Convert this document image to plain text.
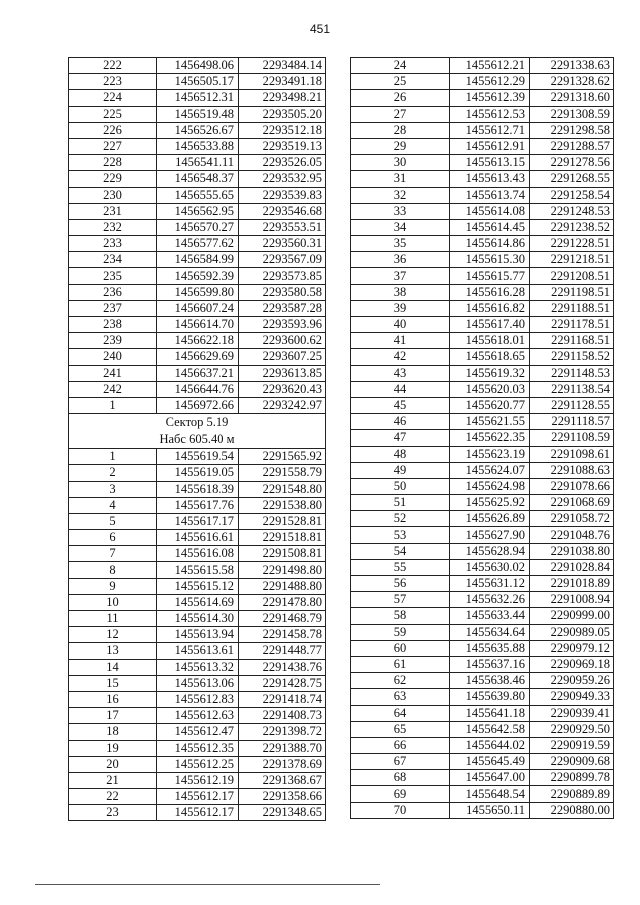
451
222	1456498.06	2293484.14
223	1456505.17	2293491.18
224	1456512.31	2293498.21
225	1456519.48	2293505.20
226	1456526.67	2293512.18
227	1456533.88	2293519.13
228	1456541.11	2293526.05
229	1456548.37	2293532.95
230	1456555.65	2293539.83
231	1456562.95	2293546.68
232	1456570.27	2293553.51
233	1456577.62	2293560.31
234	1456584.99	2293567.09
235	1456592.39	2293573.85
236	1456599.80	2293580.58
237	1456607.24	2293587.28
238	1456614.70	2293593.96
239	1456622.18	2293600.62
240	1456629.69	2293607.25
241	1456637.21	2293613.85
242	1456644.76	2293620.43
1	1456972.66	2293242.97

Сектор 5.19
Набс 605.40 м		

1	1455619.54	2291565.92
2	1455619.05	2291558.79
3	1455618.39	2291548.80
4	1455617.76	2291538.80
5	1455617.17	2291528.81
6	1455616.61	2291518.81
7	1455616.08	2291508.81
8	1455615.58	2291498.80
9	1455615.12	2291488.80
10	1455614.69	2291478.80
11	1455614.30	2291468.79
12	1455613.94	2291458.78
13	1455613.61	2291448.77
14	1455613.32	2291438.76
15	1455613.06	2291428.75
16	1455612.83	2291418.74
17	1455612.63	2291408.73
18	1455612.47	2291398.72
19	1455612.35	2291388.70
20	1455612.25	2291378.69
21	1455612.19	2291368.67
22	1455612.17	2291358.66
23	1455612.17	2291348.65
24	1455612.21	2291338.63
25	1455612.29	2291328.62
26	1455612.39	2291318.60
27	1455612.53	2291308.59
28	1455612.71	2291298.58
29	1455612.91	2291288.57
30	1455613.15	2291278.56
31	1455613.43	2291268.55
32	1455613.74	2291258.54
33	1455614.08	2291248.53
34	1455614.45	2291238.52
35	1455614.86	2291228.51
36	1455615.30	2291218.51
37	1455615.77	2291208.51
38	1455616.28	2291198.51
39	1455616.82	2291188.51
40	1455617.40	2291178.51
41	1455618.01	2291168.51
42	1455618.65	2291158.52
43	1455619.32	2291148.53
44	1455620.03	2291138.54
45	1455620.77	2291128.55
46	1455621.55	2291118.57
47	1455622.35	2291108.59
48	1455623.19	2291098.61
49	1455624.07	2291088.63
50	1455624.98	2291078.66
51	1455625.92	2291068.69
52	1455626.89	2291058.72
53	1455627.90	2291048.76
54	1455628.94	2291038.80
55	1455630.02	2291028.84
56	1455631.12	2291018.89
57	1455632.26	2291008.94
58	1455633.44	2290999.00
59	1455634.64	2290989.05
60	1455635.88	2290979.12
61	1455637.16	2290969.18
62	1455638.46	2290959.26
63	1455639.80	2290949.33
64	1455641.18	2290939.41
65	1455642.58	2290929.50
66	1455644.02	2290919.59
67	1455645.49	2290909.68
68	1455647.00	2290899.78
69	1455648.54	2290889.89
70	1455650.11	2290880.00
